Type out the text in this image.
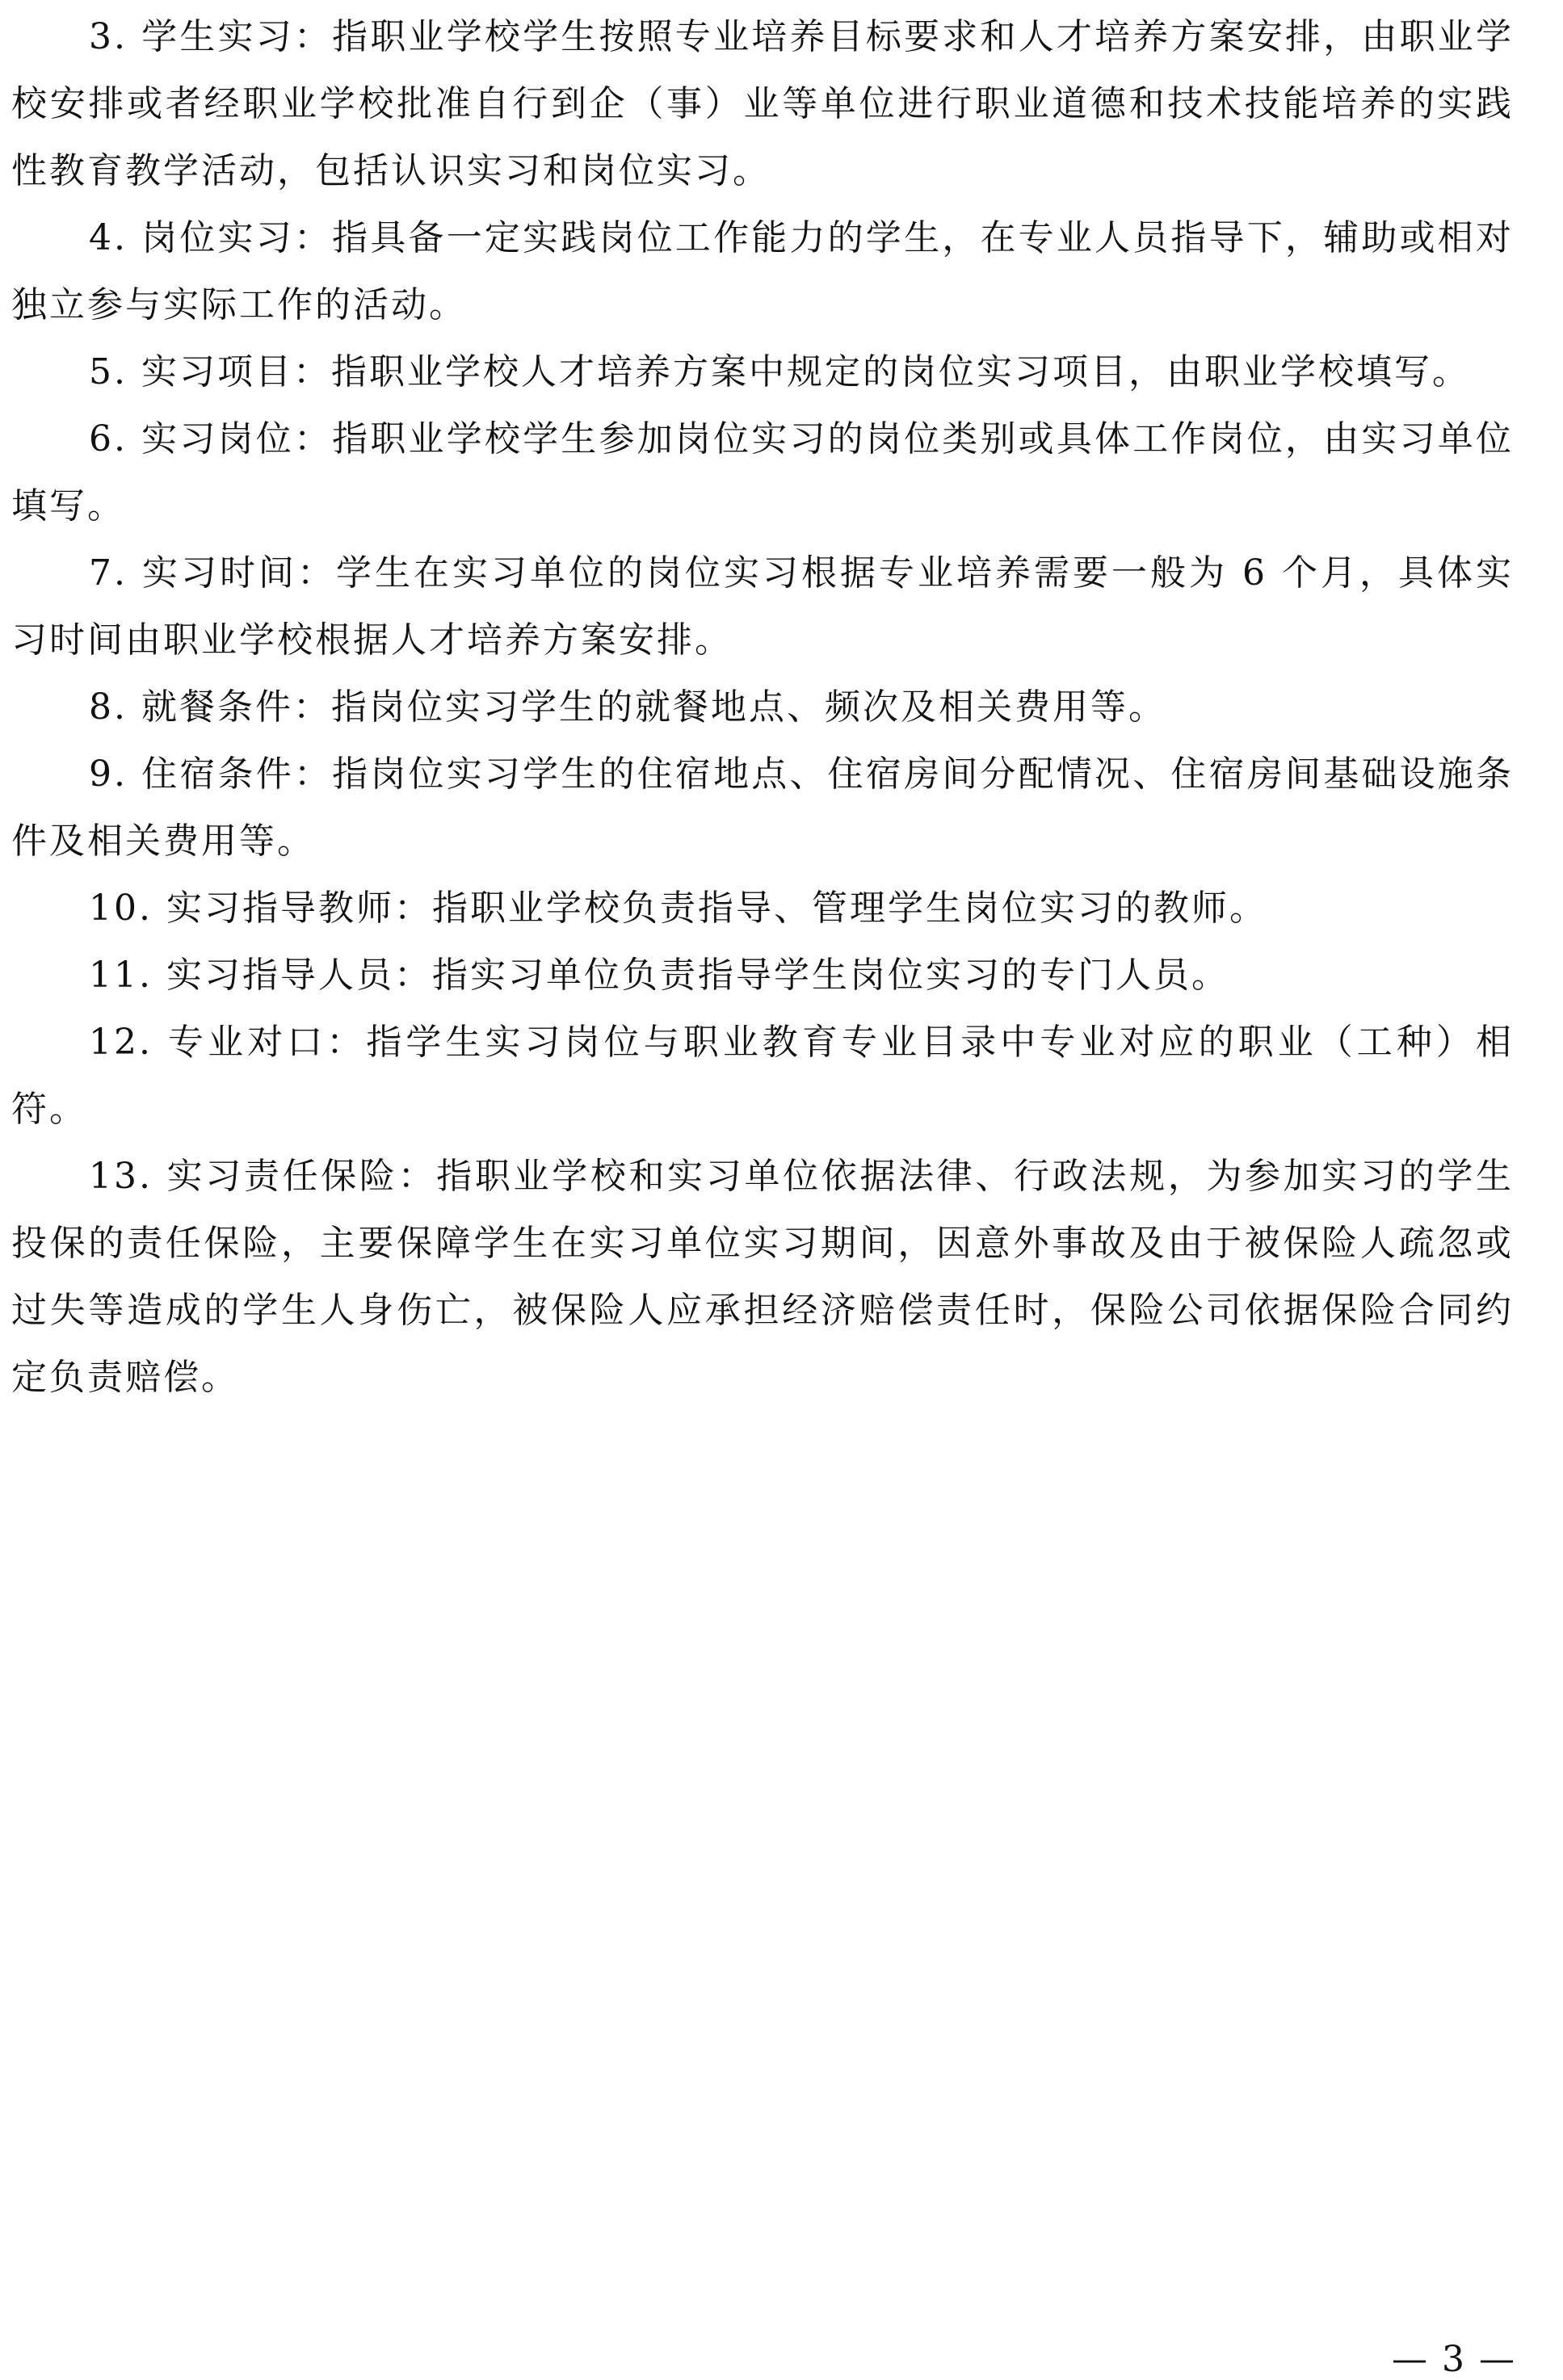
3. 学生实习：指职业学校学生按照专业培养目标要求和人才培养方案安排，由职业学校安排或者经职业学校批准自行到企（事）业等单位进行职业道德和技术技能培养的实践性教育教学活动，包括认识实习和岗位实习。

4. 岗位实习：指具备一定实践岗位工作能力的学生，在专业人员指导下，辅助或相对独立参与实际工作的活动。

5. 实习项目：指职业学校人才培养方案中规定的岗位实习项目，由职业学校填写。

6. 实习岗位：指职业学校学生参加岗位实习的岗位类别或具体工作岗位，由实习单位填写。

7. 实习时间：学生在实习单位的岗位实习根据专业培养需要一般为 6 个月，具体实习时间由职业学校根据人才培养方案安排。

8. 就餐条件：指岗位实习学生的就餐地点、频次及相关费用等。

9. 住宿条件：指岗位实习学生的住宿地点、住宿房间分配情况、住宿房间基础设施条件及相关费用等。

10. 实习指导教师：指职业学校负责指导、管理学生岗位实习的教师。

11. 实习指导人员：指实习单位负责指导学生岗位实习的专门人员。

12. 专业对口：指学生实习岗位与职业教育专业目录中专业对应的职业（工种）相符。

13. 实习责任保险：指职业学校和实习单位依据法律、行政法规，为参加实习的学生投保的责任保险，主要保障学生在实习单位实习期间，因意外事故及由于被保险人疏忽或过失等造成的学生人身伤亡，被保险人应承担经济赔偿责任时，保险公司依据保险合同约定负责赔偿。

— 3 —
